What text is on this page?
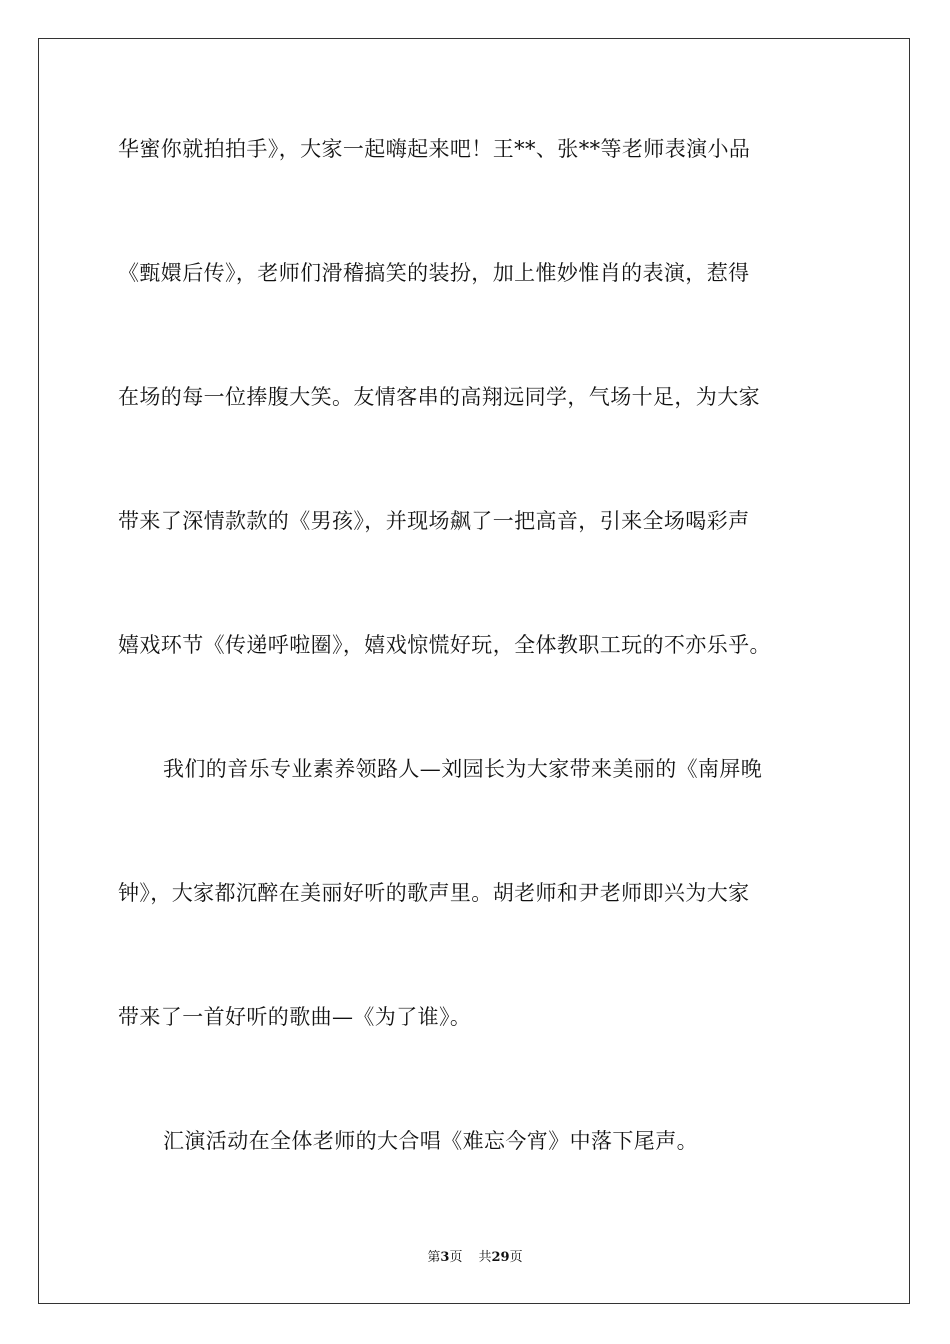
华蜜你就拍拍手》，大家一起嗨起来吧！王**、张**等老师表演小品
《甄嬛后传》，老师们滑稽搞笑的装扮，加上惟妙惟肖的表演，惹得
在场的每一位捧腹大笑。友情客串的高翔远同学，气场十足，为大家
带来了深情款款的《男孩》，并现场飙了一把高音，引来全场喝彩声
嬉戏环节《传递呼啦圈》，嬉戏惊慌好玩，全体教职工玩的不亦乐乎。
我们的音乐专业素养领路人—刘园长为大家带来美丽的《南屏晚
钟》，大家都沉醉在美丽好听的歌声里。胡老师和尹老师即兴为大家
带来了一首好听的歌曲—《为了谁》。
汇演活动在全体老师的大合唱《难忘今宵》中落下尾声。
第3页 共29页
